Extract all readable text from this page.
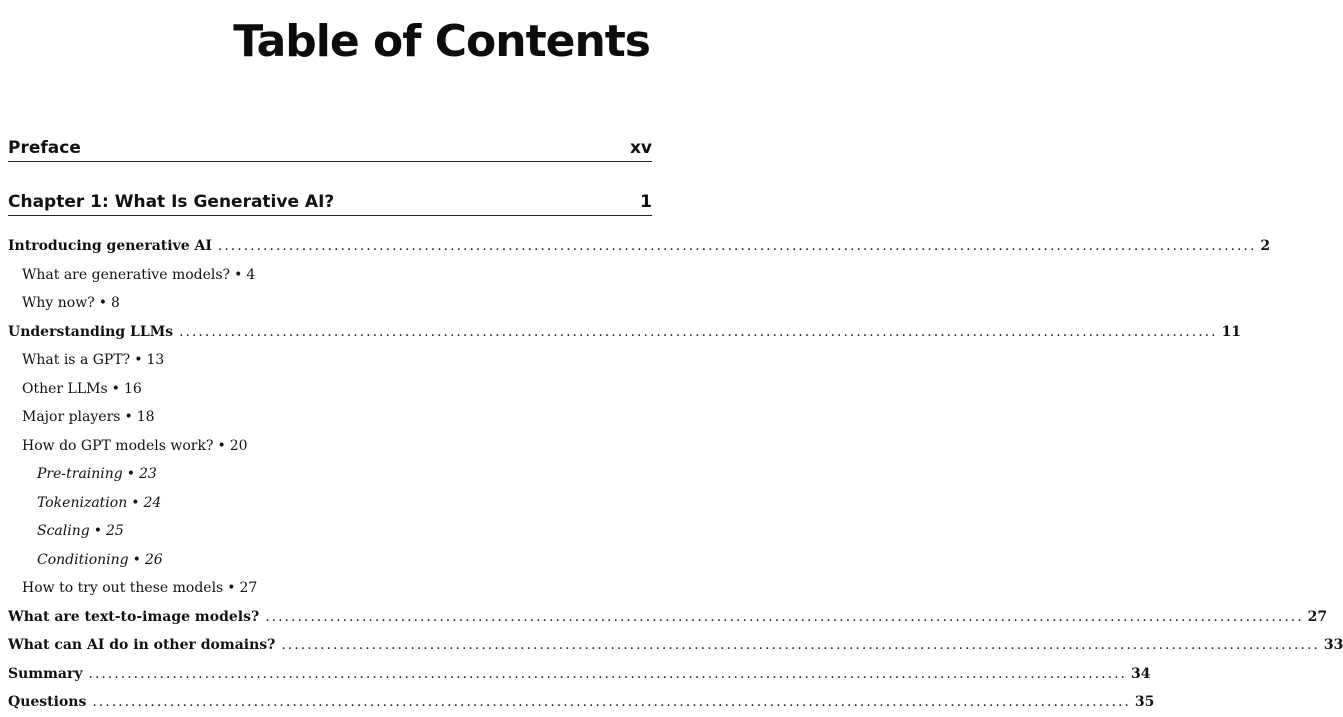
Table of Contents
Preface	xv
Chapter 1: What Is Generative AI?	1
Introducing generative AI ................................................................................................................................................................. 2
What are generative models? • 4
Why now? • 8
Understanding LLMs ................................................................................................................................................................. 11
What is a GPT? • 13
Other LLMs • 16
Major players • 18
How do GPT models work? • 20
Pre-training • 23
Tokenization • 24
Scaling • 25
Conditioning • 26
How to try out these models • 27
What are text-to-image models? ................................................................................................................................................................. 27
What can AI do in other domains? ................................................................................................................................................................. 33
Summary ................................................................................................................................................................. 34
Questions ................................................................................................................................................................. 35
